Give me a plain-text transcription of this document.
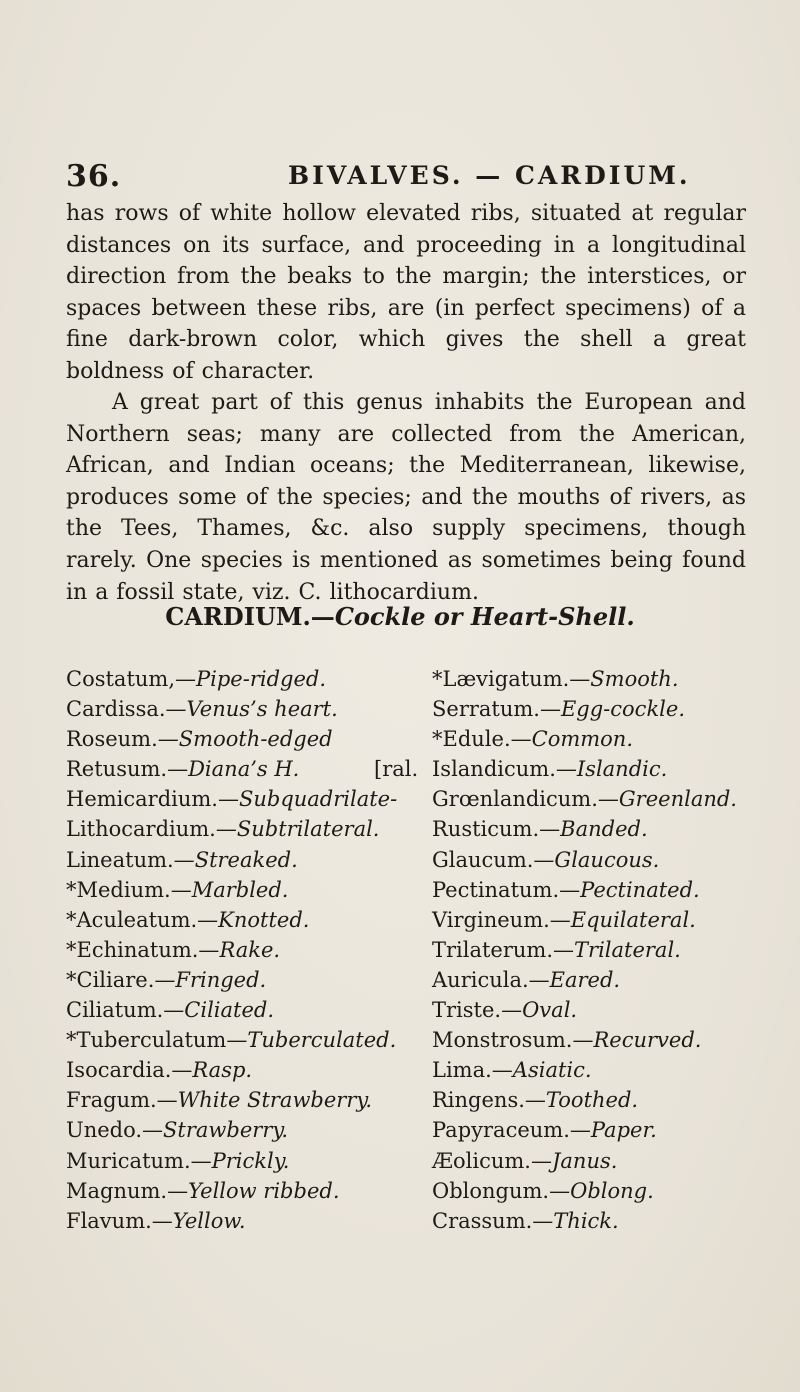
36.	BIVALVES. — CARDIUM.

has rows of white hollow elevated ribs, situated at regular distances on its surface, and proceeding in a longitudinal direction from the beaks to the margin; the interstices, or spaces between these ribs, are (in perfect specimens) of a fine dark-brown color, which gives the shell a great boldness of character.

A great part of this genus inhabits the European and Northern seas; many are collected from the American, African, and Indian oceans; the Mediterranean, likewise, produces some of the species; and the mouths of rivers, as the Tees, Thames, &c. also supply specimens, though rarely. One species is mentioned as sometimes being found in a fossil state, viz. C. lithocardium.

CARDIUM.—Cockle or Heart-Shell.
Costatum,—Pipe-ridged.
Cardissa.—Venus’s heart.
Roseum.—Smooth-edged
Retusum.—Diana’s H.	[ral.
Hemicardium.—Subquadrilate-
Lithocardium.—Subtrilateral.
Lineatum.—Streaked.
*Medium.—Marbled.
*Aculeatum.—Knotted.
*Echinatum.—Rake.
*Ciliare.—Fringed.
Ciliatum.—Ciliated.
*Tuberculatum—Tuberculated.
Isocardia.—Rasp.
Fragum.—White Strawberry.
Unedo.—Strawberry.
Muricatum.—Prickly.
Magnum.—Yellow ribbed.
Flavum.—Yellow.
*Lævigatum.—Smooth.
Serratum.—Egg-cockle.
*Edule.—Common.
Islandicum.—Islandic.
Grœnlandicum.—Greenland.
Rusticum.—Banded.
Glaucum.—Glaucous.
Pectinatum.—Pectinated.
Virgineum.—Equilateral.
Trilaterum.—Trilateral.
Auricula.—Eared.
Triste.—Oval.
Monstrosum.—Recurved.
Lima.—Asiatic.
Ringens.—Toothed.
Papyraceum.—Paper.
Æolicum.—Janus.
Oblongum.—Oblong.
Crassum.—Thick.
